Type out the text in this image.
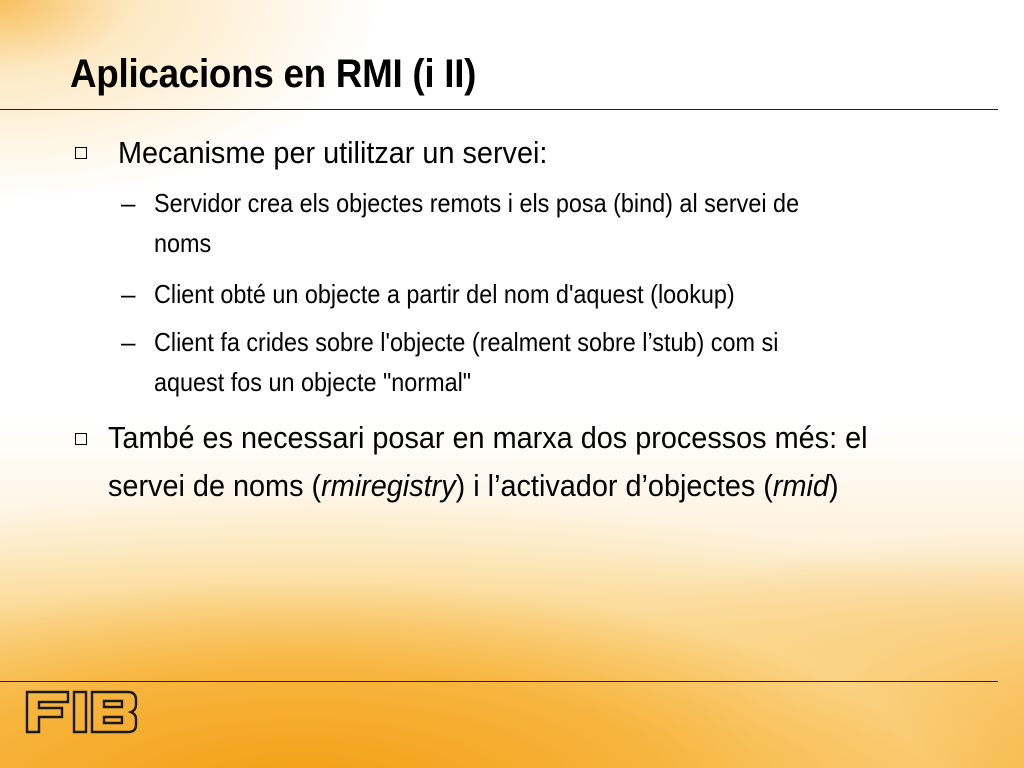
Aplicacions en RMI (i II)
Mecanisme per utilitzar un servei:
– Servidor crea els objectes remots i els posa (bind) al servei de
noms
– Client obté un objecte a partir del nom d'aquest (lookup)
– Client fa crides sobre l'objecte (realment sobre l’stub) com si
aquest fos un objecte "normal"
També es necessari posar en marxa dos processos més: el
servei de noms (rmiregistry) i l’activador d’objectes (rmid)
